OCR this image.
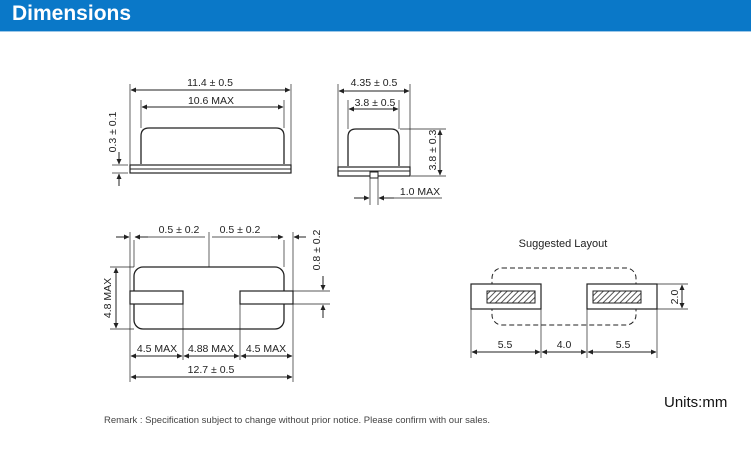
Dimensions
11.4 ± 0.5
10.6 MAX
0.3 ± 0.1
4.35 ± 0.5
3.8 ± 0.5
3.8 ± 0.3
1.0 MAX
0.5 ± 0.2 0.5 ± 0.2
4.8 MAX
0.8 ± 0.2
4.5 MAX 4.88 MAX 4.5 MAX
12.7 ± 0.5
Suggested Layout
5.5	4.0	5.5
2.0
Units:mm
Remark : Specification subject to change without prior notice. Please confirm with our sales.
